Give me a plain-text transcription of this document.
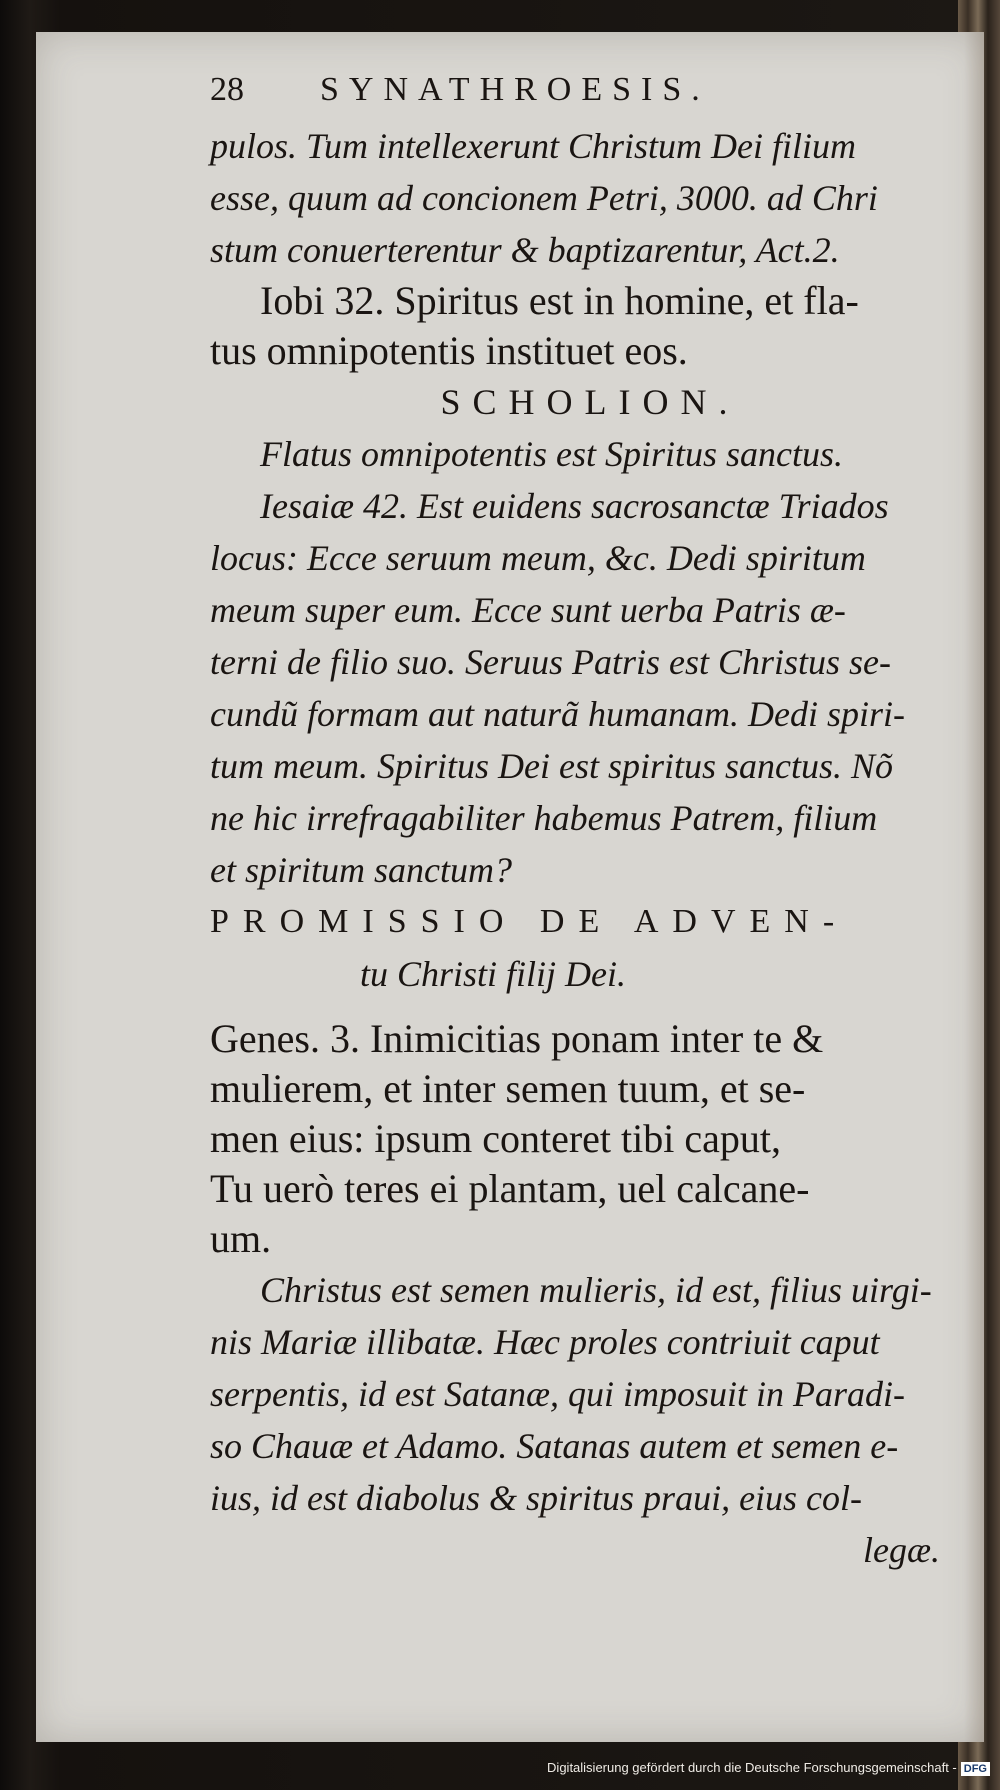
28 SYNATHROESIS.
pulos. Tum intellexerunt Christum Dei filium
esse, quum ad concionem Petri, 3000. ad Chri
stum conuerterentur & baptizarentur, Act.2.
Iobi 32. Spiritus est in homine, et fla-
tus omnipotentis instituet eos.
SCHOLION.
Flatus omnipotentis est Spiritus sanctus.
Iesaiæ 42. Est euidens sacrosanctæ Triados
locus: Ecce seruum meum, &c. Dedi spiritum
meum super eum. Ecce sunt uerba Patris æ-
terni de filio suo. Seruus Patris est Christus se-
cundũ formam aut naturã humanam. Dedi spiri-
tum meum. Spiritus Dei est spiritus sanctus. Nõ
ne hic irrefragabiliter habemus Patrem, filium
et spiritum sanctum?
PROMISSIO DE ADVEN-
tu Christi filij Dei.
Genes. 3. Inimicitias ponam inter te &
mulierem, et inter semen tuum, et se-
men eius: ipsum conteret tibi caput,
Tu uerò teres ei plantam, uel calcane-
um.
Christus est semen mulieris, id est, filius uirgi-
nis Mariæ illibatæ. Hæc proles contriuit caput
serpentis, id est Satanæ, qui imposuit in Paradi-
so Chauæ et Adamo. Satanas autem et semen e-
ius, id est diabolus & spiritus praui, eius col-
legæ.
Digitalisierung gefördert durch die Deutsche Forschungsgemeinschaft - DFG
